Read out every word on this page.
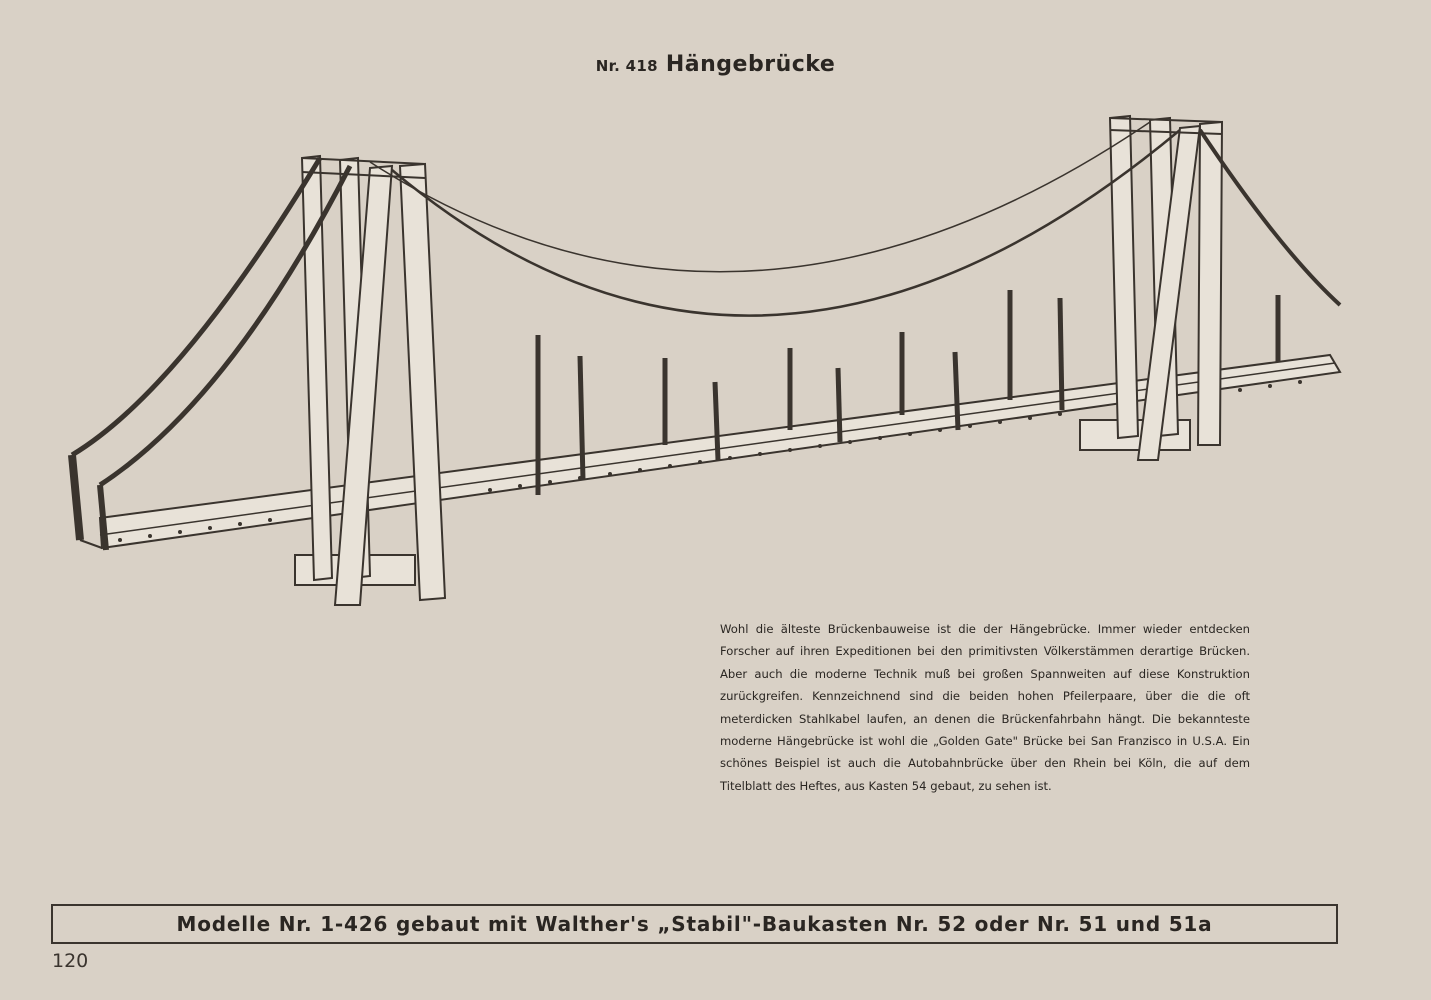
Nr. 418 Hängebrücke
Wohl die älteste Brückenbauweise ist die der Hängebrücke. Immer wieder entdecken Forscher auf ihren Expeditionen bei den primitivsten Völkerstämmen derartige Brücken. Aber auch die moderne Technik muß bei großen Spannweiten auf diese Konstruktion zurückgreifen. Kennzeichnend sind die beiden hohen Pfeilerpaare, über die die oft meterdicken Stahlkabel laufen, an denen die Brückenfahrbahn hängt. Die bekannteste moderne Hängebrücke ist wohl die „Golden Gate" Brücke bei San Franzisco in U.S.A. Ein schönes Beispiel ist auch die Autobahnbrücke über den Rhein bei Köln, die auf dem Titelblatt des Heftes, aus Kasten 54 gebaut, zu sehen ist.
Modelle Nr. 1-426 gebaut mit Walther's „Stabil"-Baukasten Nr. 52 oder Nr. 51 und 51a
120
